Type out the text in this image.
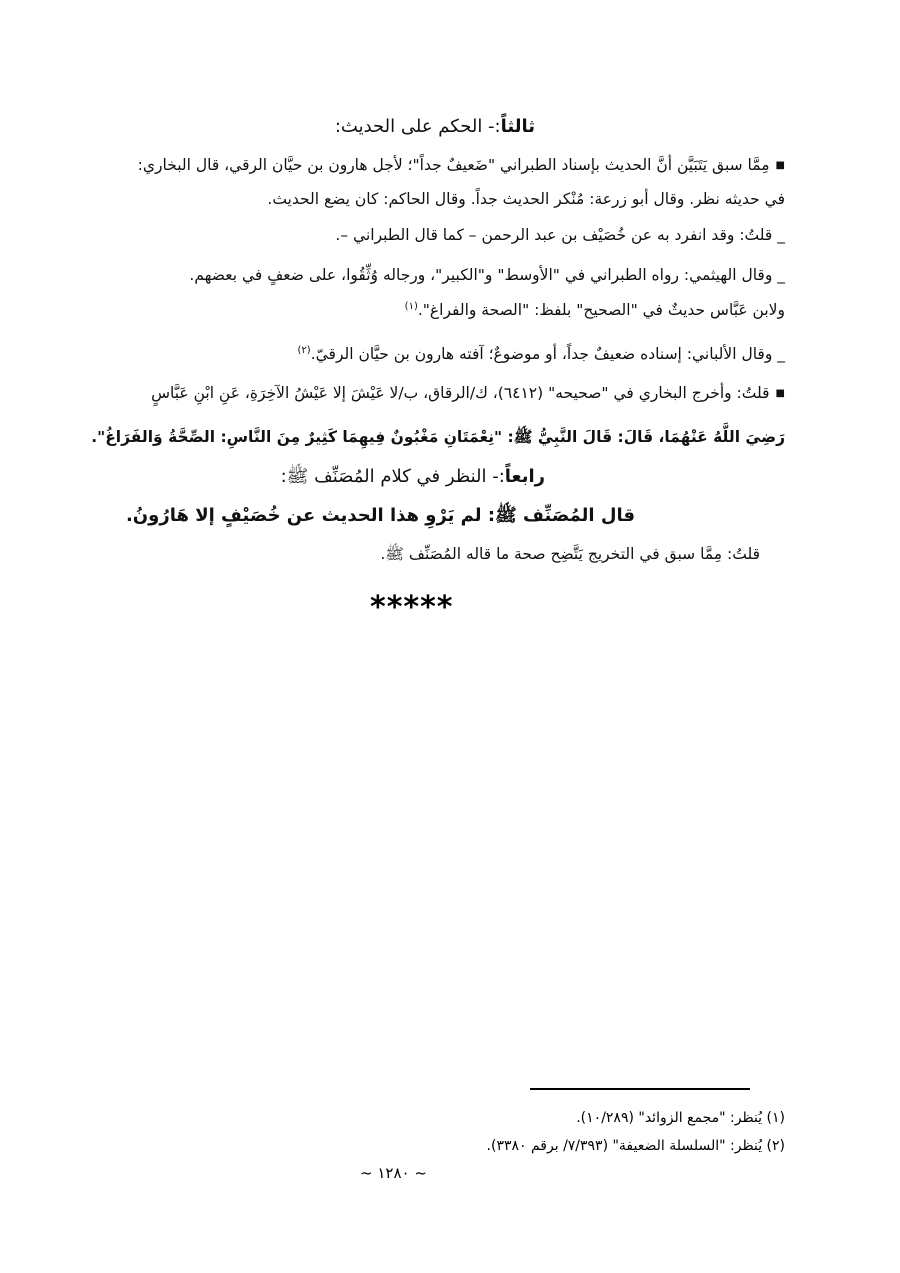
ثالثاً:- الحكم على الحديث:
■مِمَّا سبق يَتَبَيَّن أنَّ الحديث بإسناد الطبراني "ضَعيفٌ جداً"؛ لأجل هارون بن حيَّان الرقي، قال البخاري:
في حديثه نظر. وقال أبو زرعة: مُنْكر الحديث جداً. وقال الحاكم: كان يضع الحديث.
_ قلتُ: وقد انفرد به عن خُصَيْف بن عبد الرحمن – كما قال الطبراني –.
_ وقال الهيثمي: رواه الطبراني في "الأوسط" و"الكبير"، ورجاله وُثِّقُوا، على ضعفٍ في بعضهم.
ولابن عَبَّاس حديثٌ في "الصحيح" بلفظ: "الصحة والفراغ".$^{(١)}$
_ وقال الألباني: إسناده ضعيفٌ جداً، أو موضوعٌ؛ آفته هارون بن حيَّان الرقيّ.$^{(٢)}$
■قلتُ: وأخرج البخاري في "صحيحه" (٦٤١٢)، ك/الرقاق، ب/لا عَيْشَ إلا عَيْشُ الآخِرَةِ، عَنِ ابْنِ عَبَّاسٍ
رَضِيَ اللَّهُ عَنْهُمَا، قَالَ: قَالَ النَّبِيُّ ﷺ: "نِعْمَتَانِ مَغْبُونٌ فِيهِمَا كَثِيرٌ مِنَ النَّاسِ: الصِّحَّةُ وَالفَرَاغُ".
رابعاً:- النظر في كلام المُصَنِّف ﷺ:
قال المُصَنِّف ﷺ: لم يَرْوِ هذا الحديث عن خُصَيْفٍ إلا هَارُونُ.
قلتُ: مِمَّا سبق في التخريج يَتَّضِح صحة ما قاله المُصَنِّف ﷺ.
*****
(١) يُنظر: "مجمع الزوائد" (١٠/٢٨٩).
(٢) يُنظر: "السلسلة الضعيفة" (٧/٣٩٣/ برقم ٣٣٨٠).
~ ١٢٨٠ ~
